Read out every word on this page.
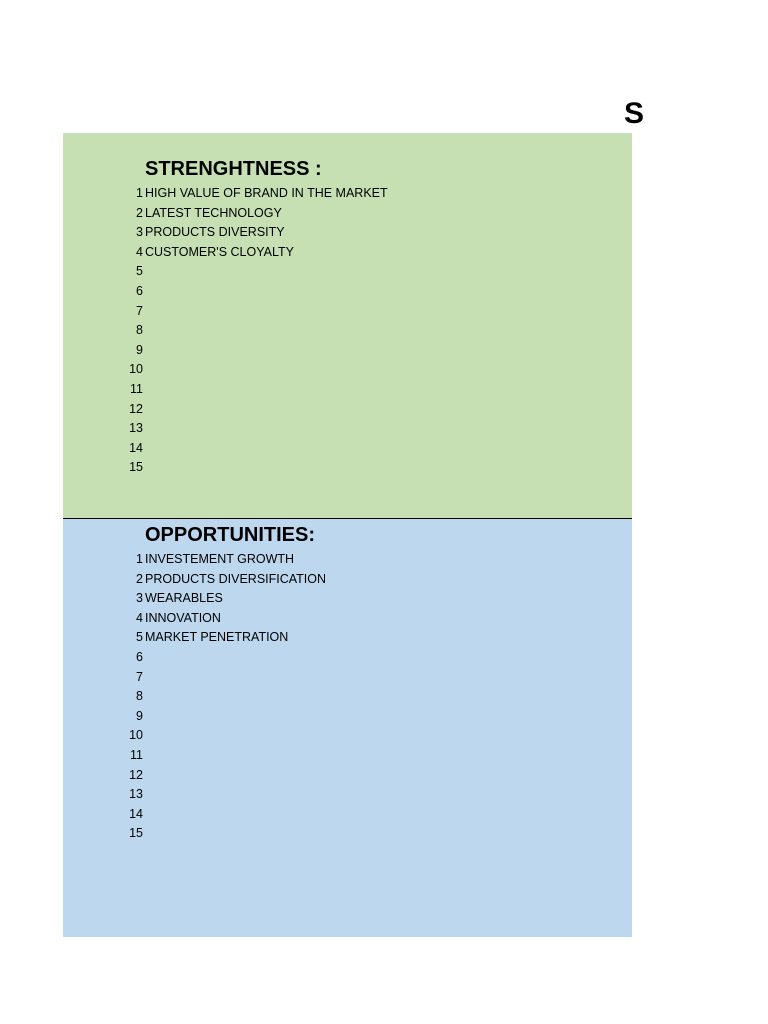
S
STRENGHTNESS :
1 HIGH VALUE OF BRAND IN THE MARKET
2 LATEST TECHNOLOGY
3 PRODUCTS DIVERSITY
4 CUSTOMER'S CLOYALTY
5
6
7
8
9
10
11
12
13
14
15
OPPORTUNITIES:
1 INVESTEMENT GROWTH
2 PRODUCTS DIVERSIFICATION
3 WEARABLES
4 INNOVATION
5 MARKET PENETRATION
6
7
8
9
10
11
12
13
14
15
